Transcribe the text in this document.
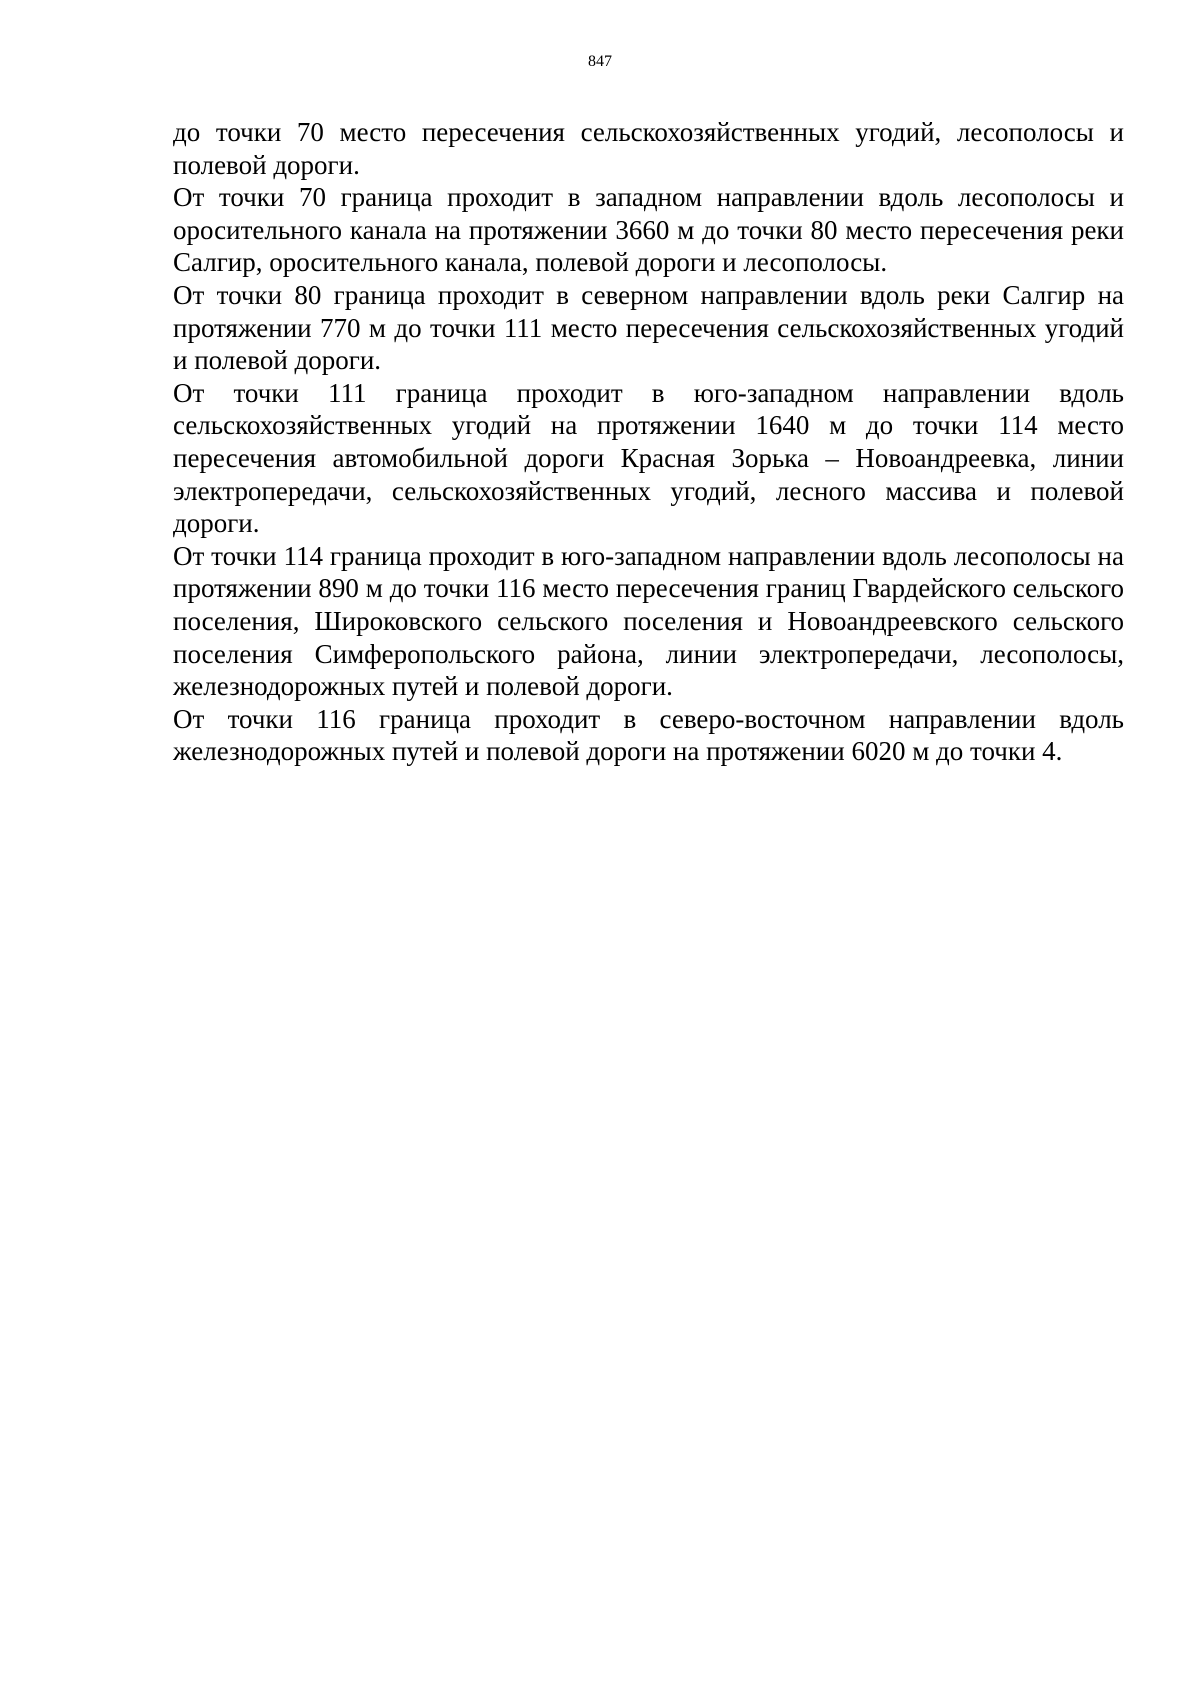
847

до точки 70 место пересечения сельскохозяйственных угодий, лесополосы и полевой дороги.

От точки 70 граница проходит в западном направлении вдоль лесополосы и оросительного канала на протяжении 3660 м до точки 80 место пересечения реки Салгир, оросительного канала, полевой дороги и лесополосы.

От точки 80 граница проходит в северном направлении вдоль реки Салгир на протяжении 770 м до точки 111 место пересечения сельскохозяйственных угодий и полевой дороги.

От точки 111 граница проходит в юго-западном направлении вдоль сельскохозяйственных угодий на протяжении 1640 м до точки 114 место пересечения автомобильной дороги Красная Зорька – Новоандреевка, линии электропередачи, сельскохозяйственных угодий, лесного массива и полевой дороги.

От точки 114 граница проходит в юго-западном направлении вдоль лесополосы на протяжении 890 м до точки 116 место пересечения границ Гвардейского сельского поселения, Широковского сельского поселения и Новоандреевского сельского поселения Симферопольского района, линии электропередачи, лесополосы, железнодорожных путей и полевой дороги.

От точки 116 граница проходит в северо-восточном направлении вдоль железнодорожных путей и полевой дороги на протяжении 6020 м до точки 4.
